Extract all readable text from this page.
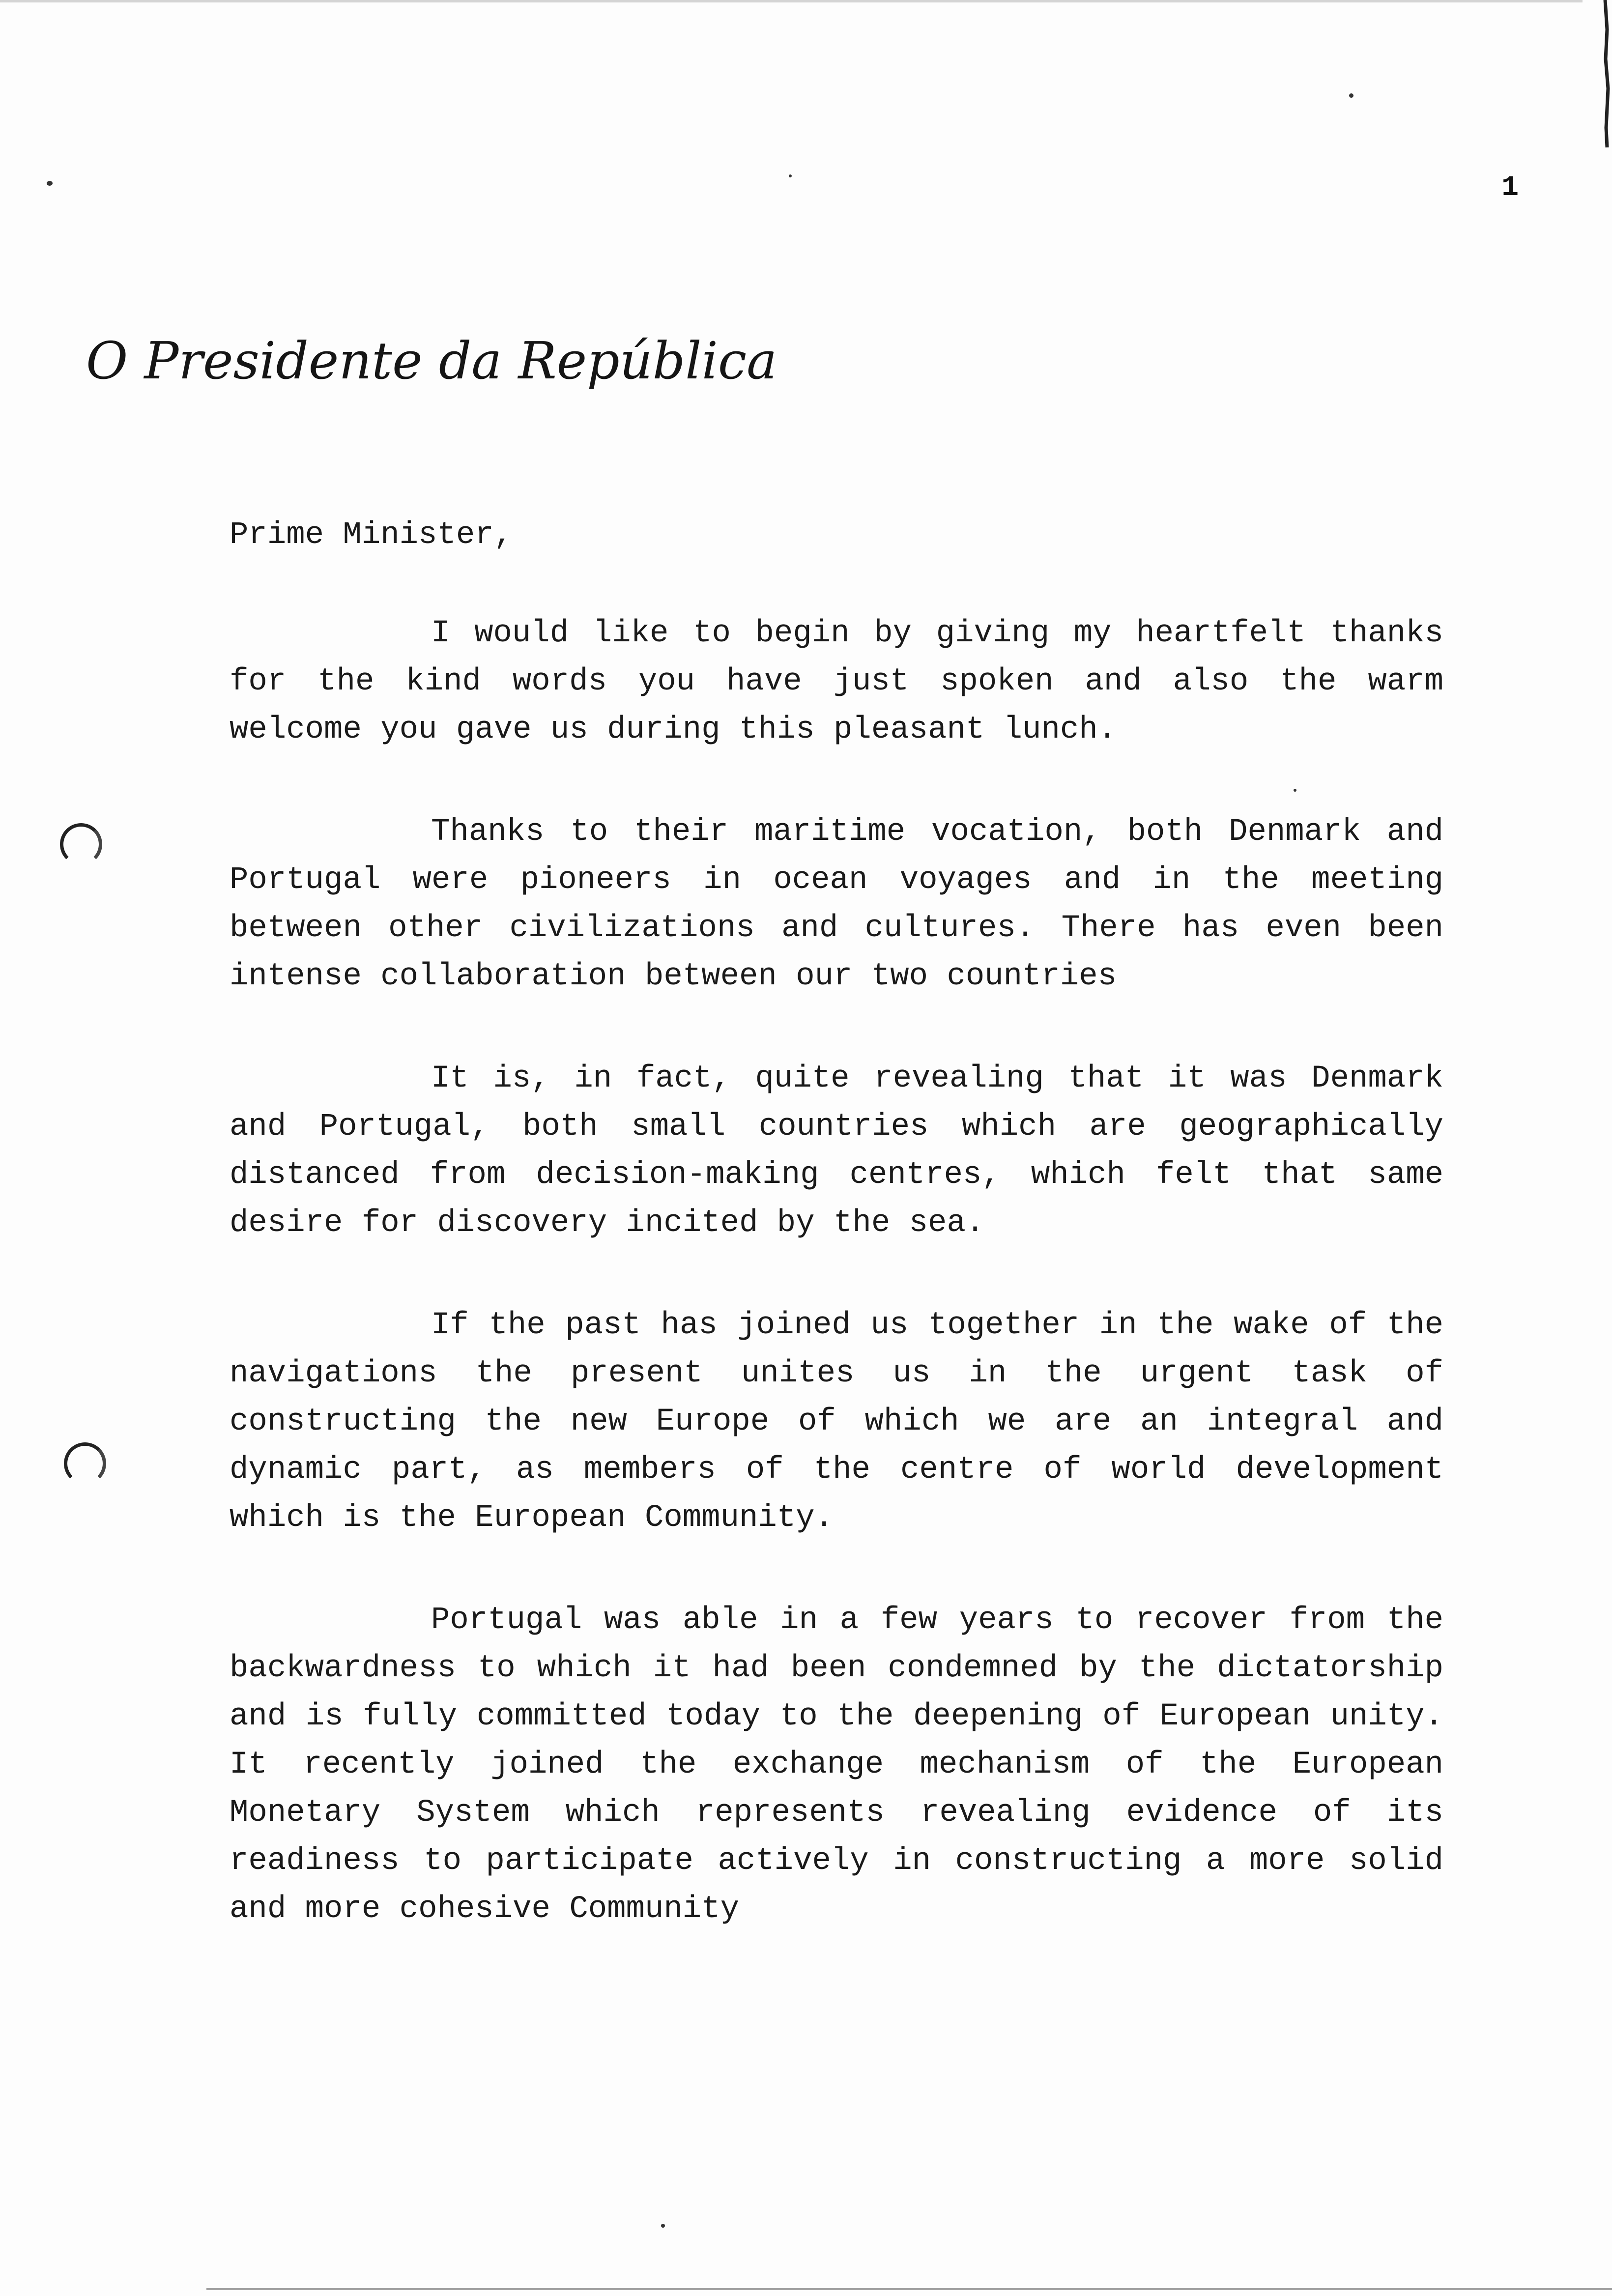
1
O Presidente da República

Prime Minister,

I would like to begin by giving my heartfelt thanks for the kind words you have just spoken and also the warm welcome you gave us during this pleasant lunch.

Thanks to their maritime vocation, both Denmark and Portugal were pioneers in ocean voyages and in the meeting between other civilizations and cultures. There has even been intense collaboration between our two countries

It is, in fact, quite revealing that it was Denmark and Portugal, both small countries which are geographically distanced from decision-making centres, which felt that same desire for discovery incited by the sea.

If the past has joined us together in the wake of the navigations the present unites us in the urgent task of constructing the new Europe of which we are an integral and dynamic part, as members of the centre of world development which is the European Community.

Portugal was able in a few years to recover from the backwardness to which it had been condemned by the dictatorship and is fully committed today to the deepening of European unity. It recently joined the exchange mechanism of the European Monetary System which represents revealing evidence of its readiness to participate actively in constructing a more solid and more cohesive Community
